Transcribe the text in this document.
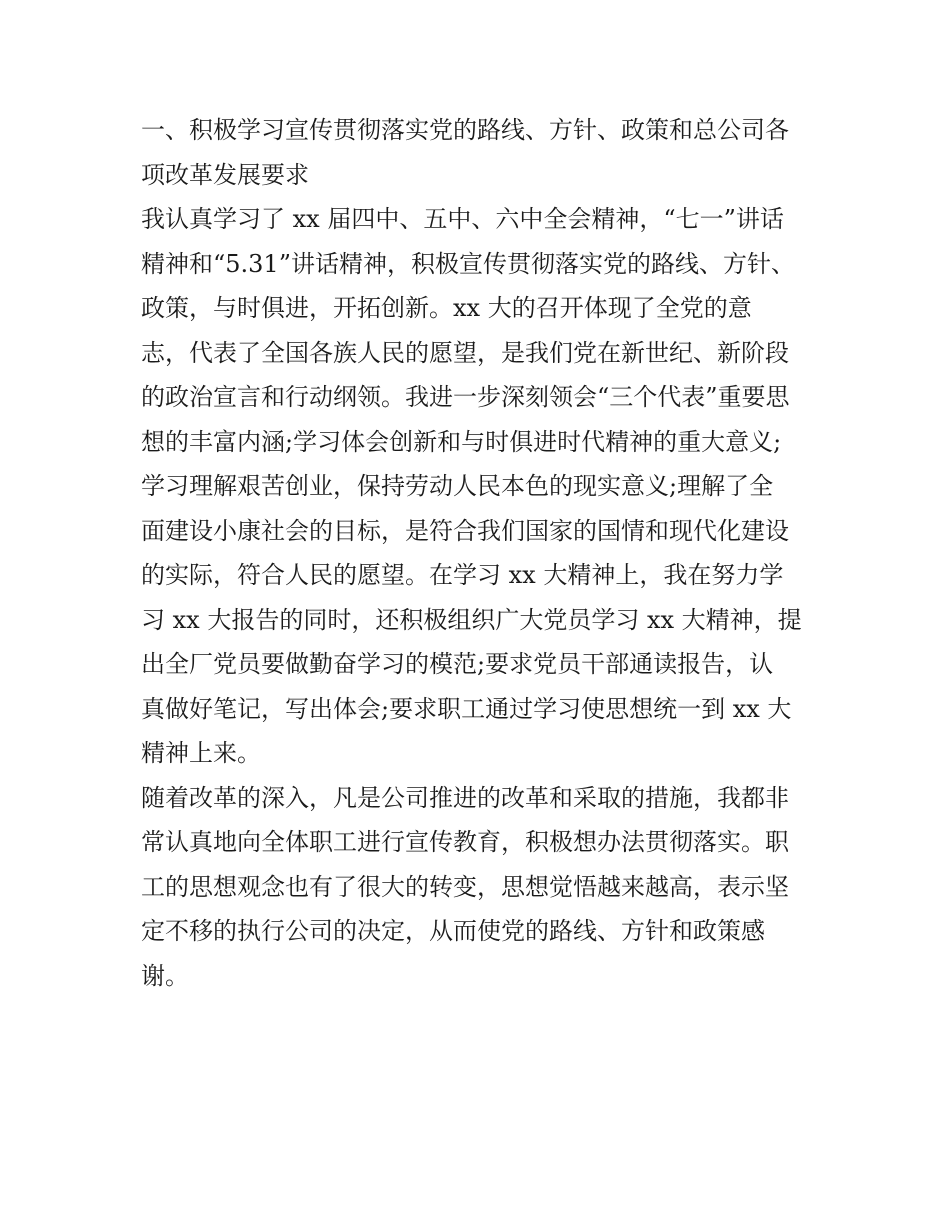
一、积极学习宣传贯彻落实党的路线、方针、政策和总公司各
项改革发展要求
我认真学习了 xx 届四中、五中、六中全会精神，“七一”讲话
精神和“5.31”讲话精神，积极宣传贯彻落实党的路线、方针、
政策，与时俱进，开拓创新。xx 大的召开体现了全党的意
志，代表了全国各族人民的愿望，是我们党在新世纪、新阶段
的政治宣言和行动纲领。我进一步深刻领会“三个代表”重要思
想的丰富内涵;学习体会创新和与时俱进时代精神的重大意义;
学习理解艰苦创业，保持劳动人民本色的现实意义;理解了全
面建设小康社会的目标，是符合我们国家的国情和现代化建设
的实际，符合人民的愿望。在学习 xx 大精神上，我在努力学
习 xx 大报告的同时，还积极组织广大党员学习 xx 大精神，提
出全厂党员要做勤奋学习的模范;要求党员干部通读报告，认
真做好笔记，写出体会;要求职工通过学习使思想统一到 xx 大
精神上来。
随着改革的深入，凡是公司推进的改革和采取的措施，我都非
常认真地向全体职工进行宣传教育，积极想办法贯彻落实。职
工的思想观念也有了很大的转变，思想觉悟越来越高，表示坚
定不移的执行公司的决定，从而使党的路线、方针和政策感
谢。
